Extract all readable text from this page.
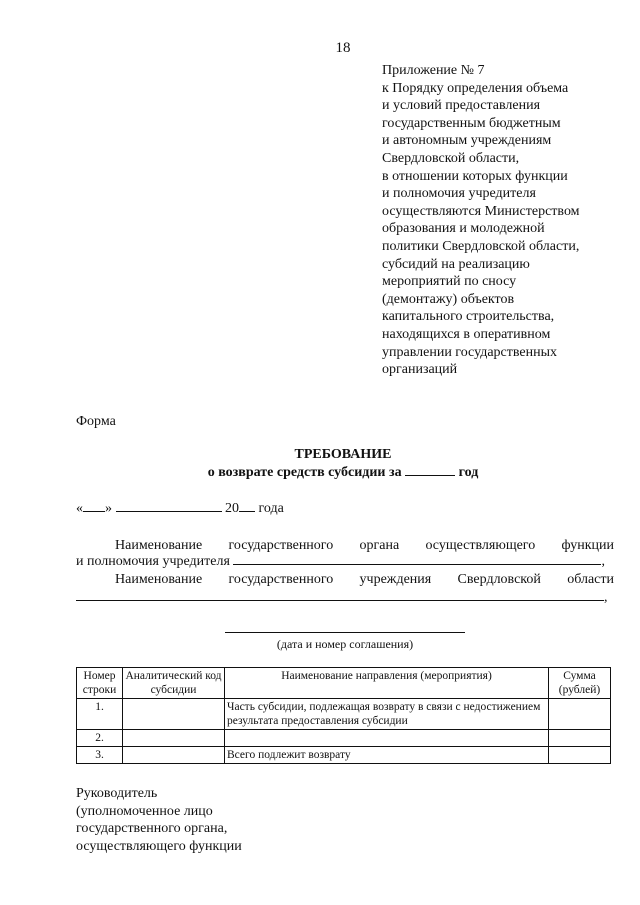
18
Приложение № 7
к Порядку определения объема
и условий предоставления
государственным бюджетным
и автономным учреждениям
Свердловской области,
в отношении которых функции
и полномочия учредителя
осуществляются Министерством
образования и молодежной
политики Свердловской области,
субсидий на реализацию
мероприятий по сносу
(демонтажу) объектов
капитального строительства,
находящихся в оперативном
управлении государственных
организаций
Форма
ТРЕБОВАНИЕ
о возврате средств субсидии за	год
« »	20 года
Наименование государственного органа осуществляющего функции
и полномочия учредителя	,
Наименование государственного учреждения Свердловской области
,
(дата и номер соглашения)
Номер строки	Аналитический код субсидии	Наименование направления (мероприятия)	Сумма (рублей)
1.		Часть субсидии, подлежащая возврату в связи с недостижением результата предоставления субсидии	
2.			
3.		Всего подлежит возврату	
Руководитель
(уполномоченное лицо
государственного органа,
осуществляющего функции
